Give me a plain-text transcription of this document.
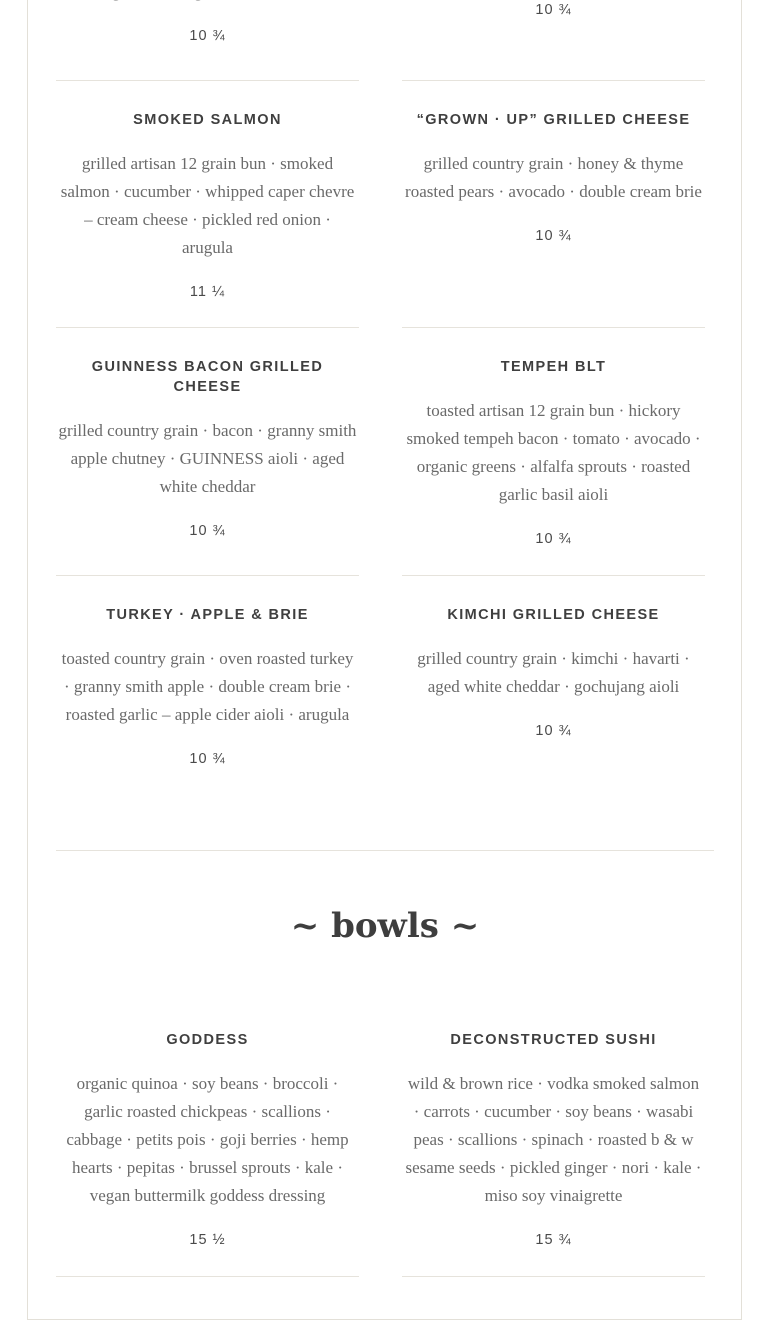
10 ¾
10 ¾
SMOKED SALMON

grilled artisan 12 grain bun · smoked salmon · cucumber · whipped caper chevre – cream cheese · pickled red onion · arugula

11 ¼
“GROWN · UP” GRILLED CHEESE

grilled country grain · honey & thyme roasted pears · avocado · double cream brie

10 ¾
GUINNESS BACON GRILLED CHEESE

grilled country grain · bacon · granny smith apple chutney · GUINNESS aioli · aged white cheddar

10 ¾
TEMPEH BLT

toasted artisan 12 grain bun · hickory smoked tempeh bacon · tomato · avocado · organic greens · alfalfa sprouts · roasted garlic basil aioli

10 ¾
TURKEY · APPLE & BRIE

toasted country grain · oven roasted turkey · granny smith apple · double cream brie · roasted garlic – apple cider aioli · arugula

10 ¾
KIMCHI GRILLED CHEESE

grilled country grain · kimchi · havarti · aged white cheddar · gochujang aioli

10 ¾
~ bowls ~
GODDESS

organic quinoa · soy beans · broccoli · garlic roasted chickpeas · scallions · cabbage · petits pois · goji berries · hemp hearts · pepitas · brussel sprouts · kale · vegan buttermilk goddess dressing

15 ½
DECONSTRUCTED SUSHI

wild & brown rice · vodka smoked salmon · carrots · cucumber · soy beans · wasabi peas · scallions · spinach · roasted b & w sesame seeds · pickled ginger · nori · kale · miso soy vinaigrette

15 ¾
